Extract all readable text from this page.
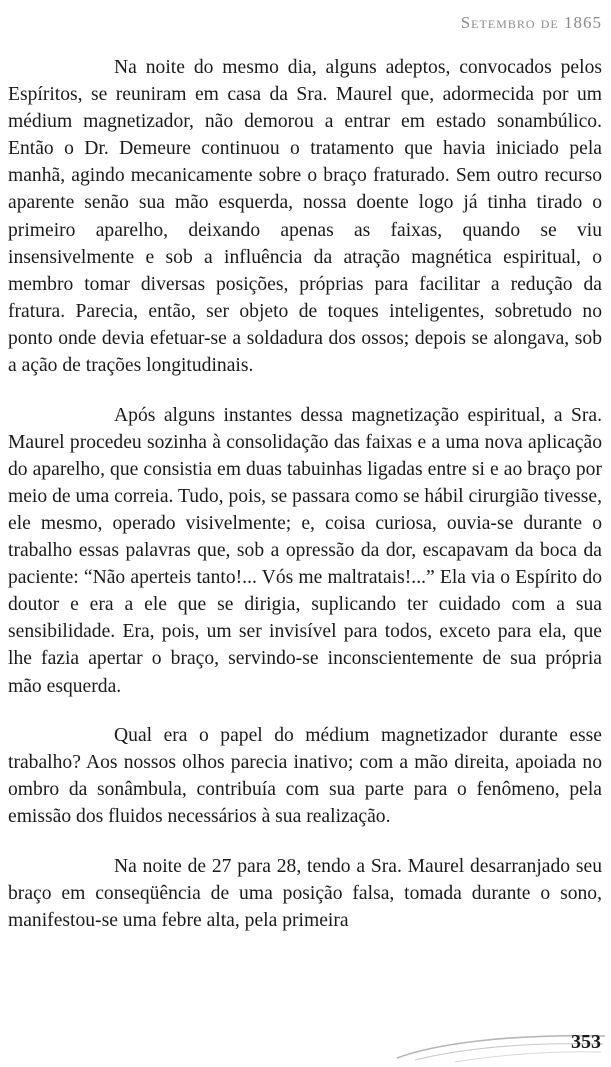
Setembro de 1865

Na noite do mesmo dia, alguns adeptos, convocados pelos Espíritos, se reuniram em casa da Sra. Maurel que, adormecida por um médium magnetizador, não demorou a entrar em estado sonambúlico. Então o Dr. Demeure continuou o tratamento que havia iniciado pela manhã, agindo mecanicamente sobre o braço fraturado. Sem outro recurso aparente senão sua mão esquerda, nossa doente logo já tinha tirado o primeiro aparelho, deixando apenas as faixas, quando se viu insensivelmente e sob a influência da atração magnética espiritual, o membro tomar diversas posições, próprias para facilitar a redução da fratura. Parecia, então, ser objeto de toques inteligentes, sobretudo no ponto onde devia efetuar-se a soldadura dos ossos; depois se alongava, sob a ação de trações longitudinais.

Após alguns instantes dessa magnetização espiritual, a Sra. Maurel procedeu sozinha à consolidação das faixas e a uma nova aplicação do aparelho, que consistia em duas tabuinhas ligadas entre si e ao braço por meio de uma correia. Tudo, pois, se passara como se hábil cirurgião tivesse, ele mesmo, operado visivelmente; e, coisa curiosa, ouvia-se durante o trabalho essas palavras que, sob a opressão da dor, escapavam da boca da paciente: “Não aperteis tanto!... Vós me maltratais!...” Ela via o Espírito do doutor e era a ele que se dirigia, suplicando ter cuidado com a sua sensibilidade. Era, pois, um ser invisível para todos, exceto para ela, que lhe fazia apertar o braço, servindo-se inconscientemente de sua própria mão esquerda.

Qual era o papel do médium magnetizador durante esse trabalho? Aos nossos olhos parecia inativo; com a mão direita, apoiada no ombro da sonâmbula, contribuía com sua parte para o fenômeno, pela emissão dos fluidos necessários à sua realização.

Na noite de 27 para 28, tendo a Sra. Maurel desarranjado seu braço em conseqüência de uma posição falsa, tomada durante o sono, manifestou-se uma febre alta, pela primeira

353
